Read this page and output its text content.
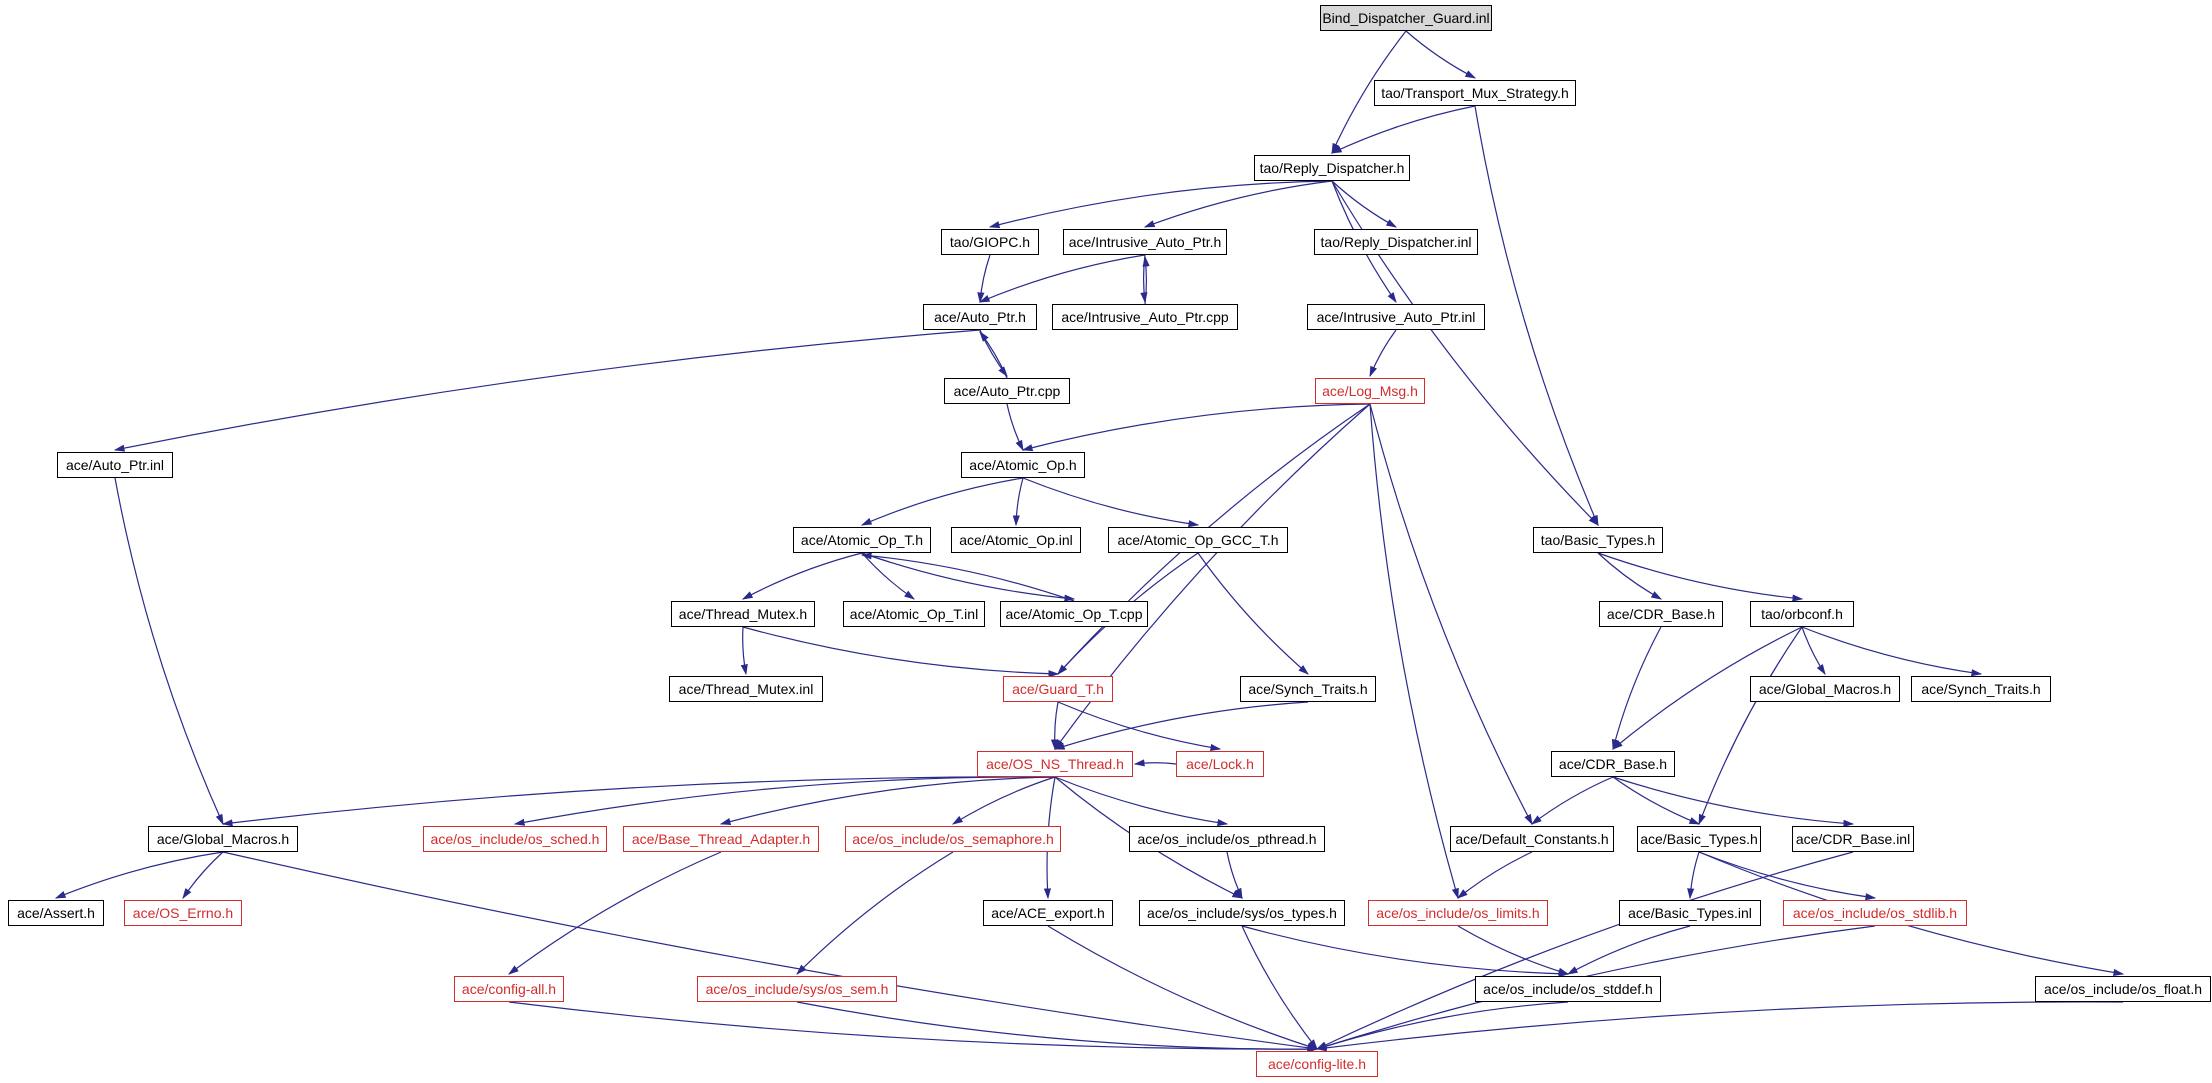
Bind_Dispatcher_Guard.inl
tao/Transport_Mux_Strategy.h
tao/Reply_Dispatcher.h
tao/GIOPC.h	ace/Intrusive_Auto_Ptr.h	tao/Reply_Dispatcher.inl
ace/Auto_Ptr.h	ace/Intrusive_Auto_Ptr.cpp	ace/Intrusive_Auto_Ptr.inl
ace/Auto_Ptr.cpp	ace/Log_Msg.h
ace/Auto_Ptr.inl	ace/Atomic_Op.h
ace/Atomic_Op_T.h	ace/Atomic_Op.inl	ace/Atomic_Op_GCC_T.h	tao/Basic_Types.h
ace/Thread_Mutex.h	ace/Atomic_Op_T.inl ace/Atomic_Op_T.cpp	ace/CDR_Base.h	tao/orbconf.h
ace/Thread_Mutex.inl	ace/Guard_T.h	ace/Synch_Traits.h	ace/Global_Macros.h ace/Synch_Traits.h
ace/OS_NS_Thread.h	ace/Lock.h	ace/CDR_Base.h
ace/Global_Macros.h	ace/os_include/os_sched.h ace/Base_Thread_Adapter.h	ace/os_include/os_semaphore.h	ace/os_include/os_pthread.h	ace/Default_Constants.h ace/Basic_Types.h	ace/CDR_Base.inl
ace/Assert.h	ace/OS_Errno.h	ace/ACE_export.h	ace/os_include/sys/os_types.h	ace/os_include/os_limits.h	ace/Basic_Types.inl	ace/os_include/os_stdlib.h
ace/config-all.h	ace/os_include/sys/os_sem.h	ace/os_include/os_stddef.h	ace/os_include/os_float.h
ace/config-lite.h
